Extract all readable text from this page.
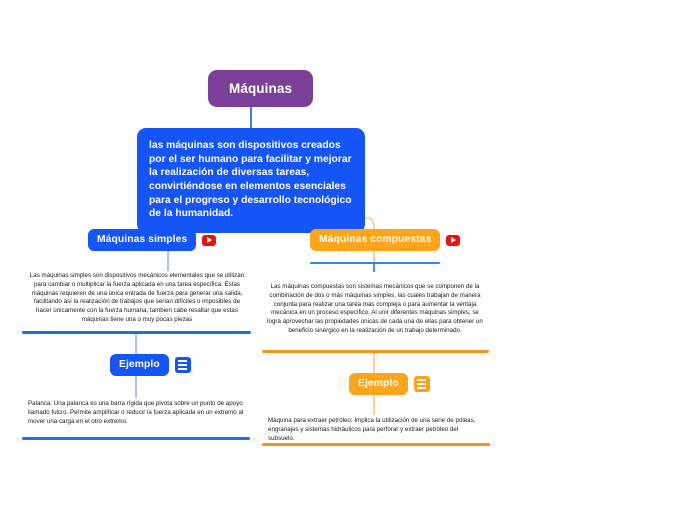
Máquinas
las máquinas son dispositivos creados por el ser humano para facilitar y mejorar la realización de diversas tareas, convirtiéndose en elementos esenciales para el progreso y desarrollo tecnológico de la humanidad.
Máquinas simples
Las máquinas simples son dispositivos mecánicos elementales que se utilizan para cambiar o multiplicar la fuerza aplicada en una tarea específica. Estas máquinas requieren de una única entrada de fuerza para generar una salida, facilitando así la realización de trabajos que serían difíciles o imposibles de hacer únicamente con la fuerza humana, tambien cabe resaltar que estas máquinas tiene una o muy pocas piezas
Ejemplo
Palanca: Una palanca es una barra rígida que pivota sobre un punto de apoyo llamado fulcro. Permite amplificar o reducir la fuerza aplicada en un extremo al mover una carga en el otro extremo.
Máquinas compuestas
Las máquinas compuestas son sistemas mecánicos que se componen de la combinación de dos o más máquinas simples, las cuales trabajan de manera conjunta para realizar una tarea más compleja o para aumentar la ventaja mecánica en un proceso específico. Al unir diferentes máquinas simples, se logra aprovechar las propiedades únicas de cada una de ellas para obtener un beneficio sinérgico en la realización de un trabajo determinado.
Ejemplo
Máquina para extraer petróleo: Implica la utilización de una serie de poleas, engranajes y sistemas hidráulicos para perforar y extraer petróleo del subsuelo.
